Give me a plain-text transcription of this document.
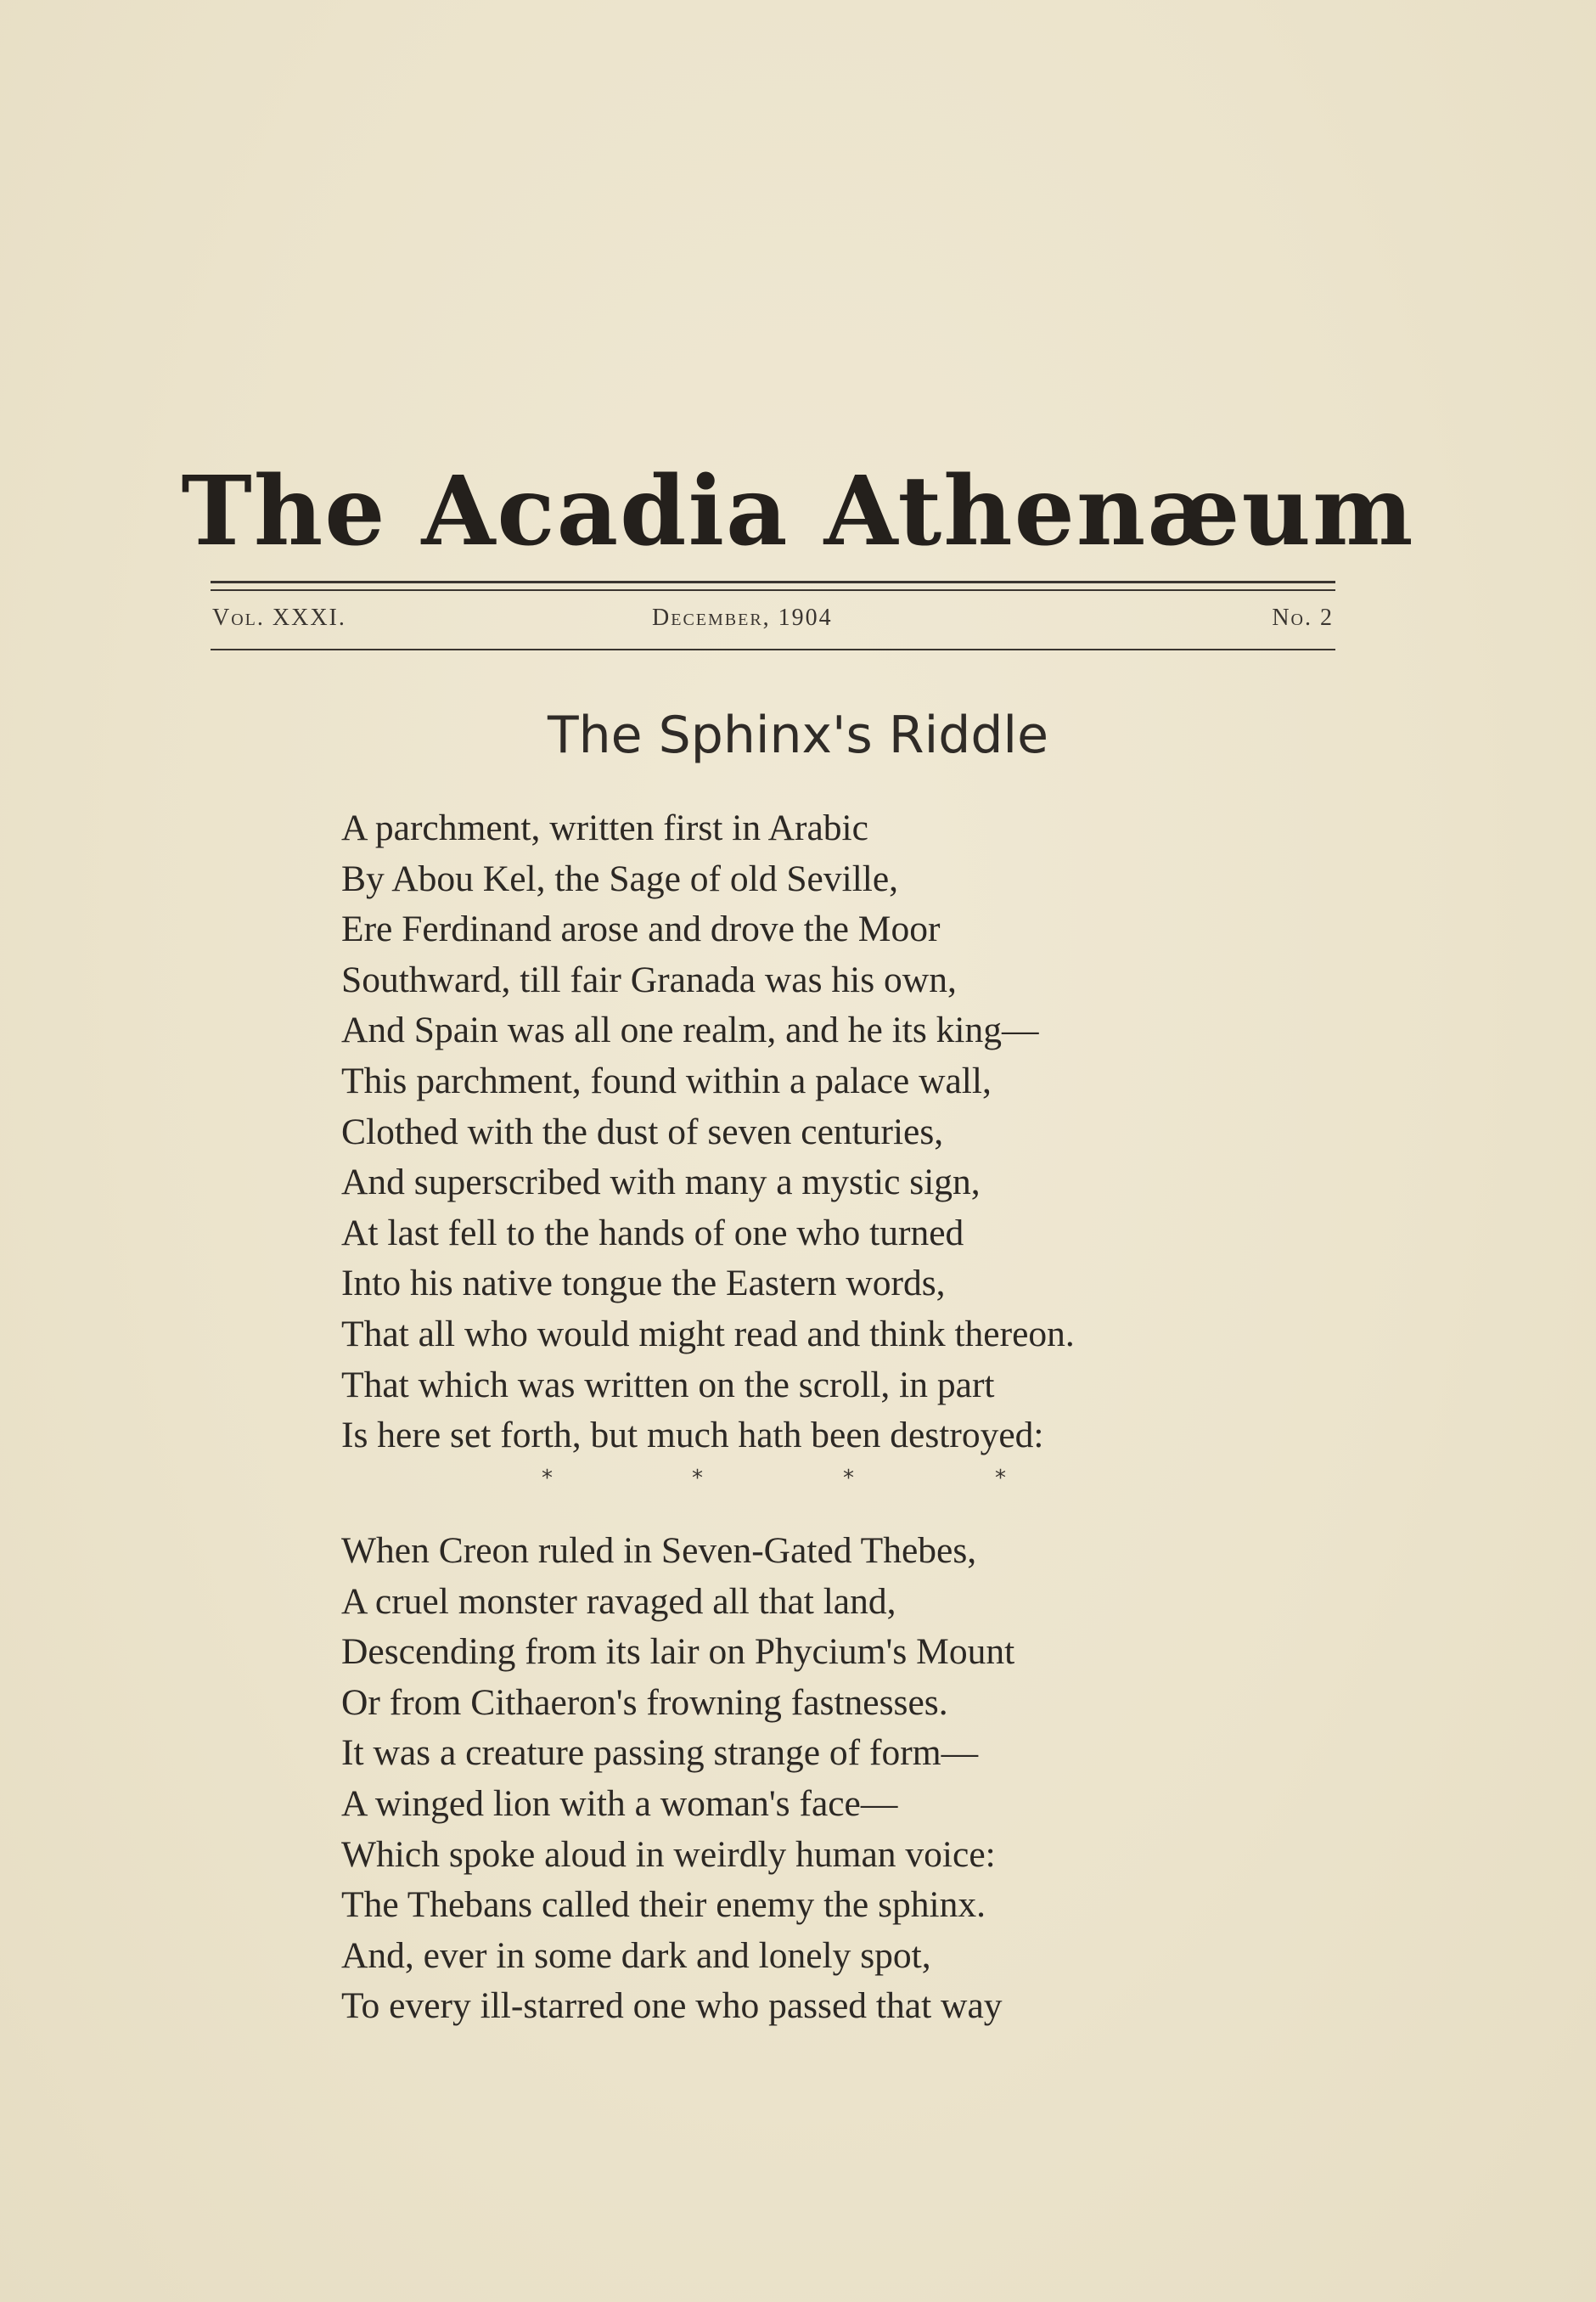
The Acadia Athenæum
Vol. XXXI.	December, 1904	No. 2
The Sphinx's Riddle
A parchment, written first in Arabic
By Abou Kel, the Sage of old Seville,
Ere Ferdinand arose and drove the Moor
Southward, till fair Granada was his own,
And Spain was all one realm, and he its king—
This parchment, found within a palace wall,
Clothed with the dust of seven centuries,
And superscribed with many a mystic sign,
At last fell to the hands of one who turned
Into his native tongue the Eastern words,
That all who would might read and think thereon.
That which was written on the scroll, in part
Is here set forth, but much hath been destroyed:
*	*	*	*
When Creon ruled in Seven-Gated Thebes,
A cruel monster ravaged all that land,
Descending from its lair on Phycium's Mount
Or from Cithaeron's frowning fastnesses.
It was a creature passing strange of form—
A winged lion with a woman's face—
Which spoke aloud in weirdly human voice:
The Thebans called their enemy the sphinx.
And, ever in some dark and lonely spot,
To every ill-starred one who passed that way
